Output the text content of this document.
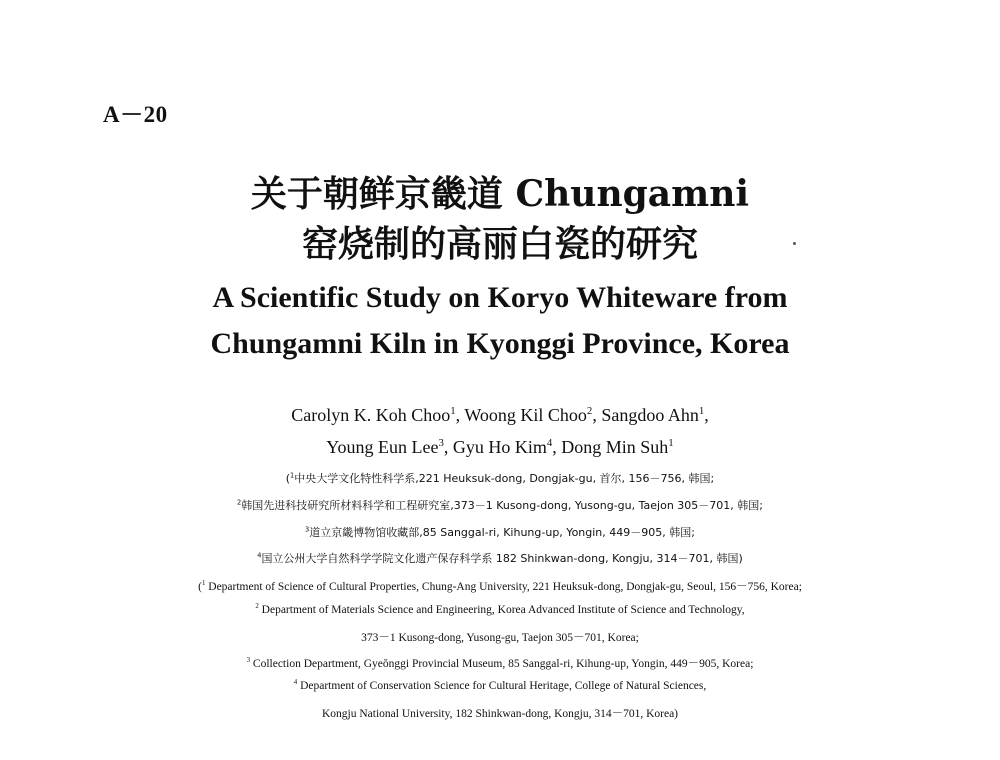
A－20
关于朝鲜京畿道 Chungamni
窑烧制的高丽白瓷的研究
A Scientific Study on Koryo Whiteware from
Chungamni Kiln in Kyonggi Province, Korea
Carolyn K. Koh Choo$^1$, Woong Kil Choo$^2$, Sangdoo Ahn$^1$,
Young Eun Lee$^3$, Gyu Ho Kim$^4$, Dong Min Suh$^1$
($^1$中央大学文化特性科学系,221 Heuksuk-dong, Dongjak-gu, 首尔, 156－756, 韩国;
$^2$韩国先进科技研究所材料科学和工程研究室,373－1 Kusong-dong, Yusong-gu, Taejon 305－701, 韩国;
$^3$道立京畿博物馆收藏部,85 Sanggal-ri, Kihung-up, Yongin, 449－905, 韩国;
$^4$国立公州大学自然科学学院文化遗产保存科学系 182 Shinkwan-dong, Kongju, 314－701, 韩国)
($^1$ Department of Science of Cultural Properties, Chung-Ang University, 221 Heuksuk-dong, Dongjak-gu, Seoul, 156－756, Korea;
$^2$ Department of Materials Science and Engineering, Korea Advanced Institute of Science and Technology,
373－1 Kusong-dong, Yusong-gu, Taejon 305－701, Korea;
$^3$ Collection Department, Gyeŏnggi Provincial Museum, 85 Sanggal-ri, Kihung-up, Yongin, 449－905, Korea;
$^4$ Department of Conservation Science for Cultural Heritage, College of Natural Sciences,
Kongju National University, 182 Shinkwan-dong, Kongju, 314－701, Korea)
